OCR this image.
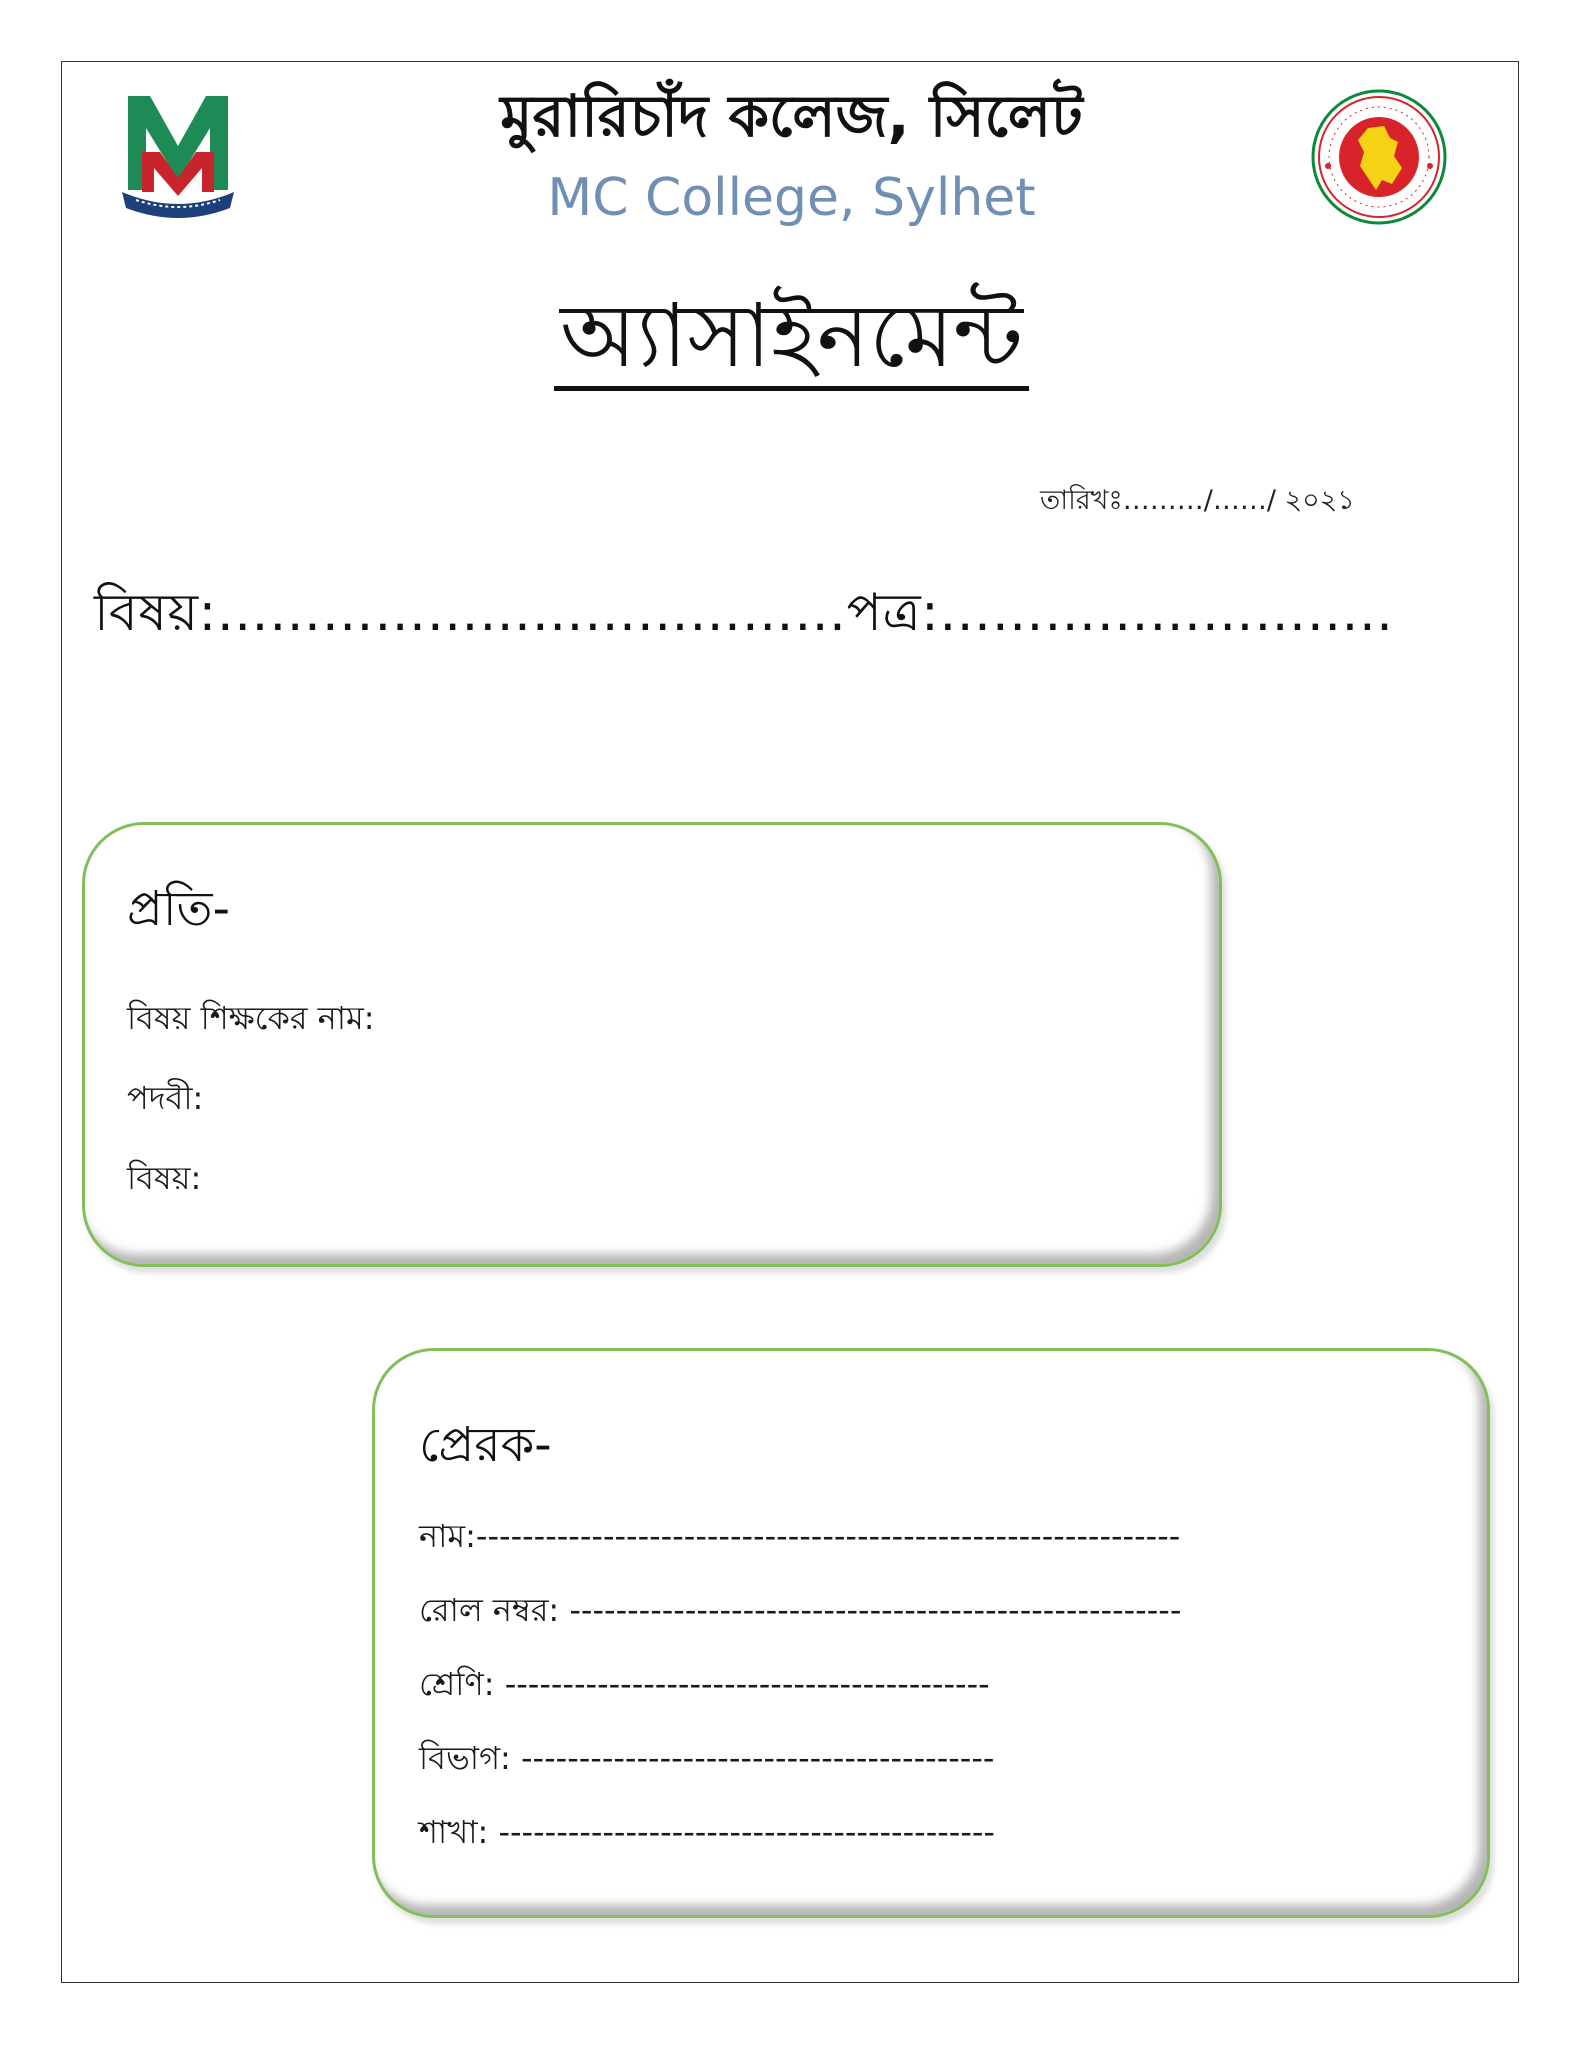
মুরারিচাঁদ কলেজ, সিলেট
MC College, Sylhet
অ্যাসাইনমেন্ট
তারিখঃ………/……/ ২০২১
বিষয়:………………………………পত্র:……………………..
প্রতি-
বিষয় শিক্ষকের নাম:
পদবী:
বিষয়:
প্রেরক-
নাম:-------------------------------------------------------------
রোল নম্বর: -----------------------------------------------------
শ্রেণি: ------------------------------------------
বিভাগ: -----------------------------------------
শাখা: -------------------------------------------
